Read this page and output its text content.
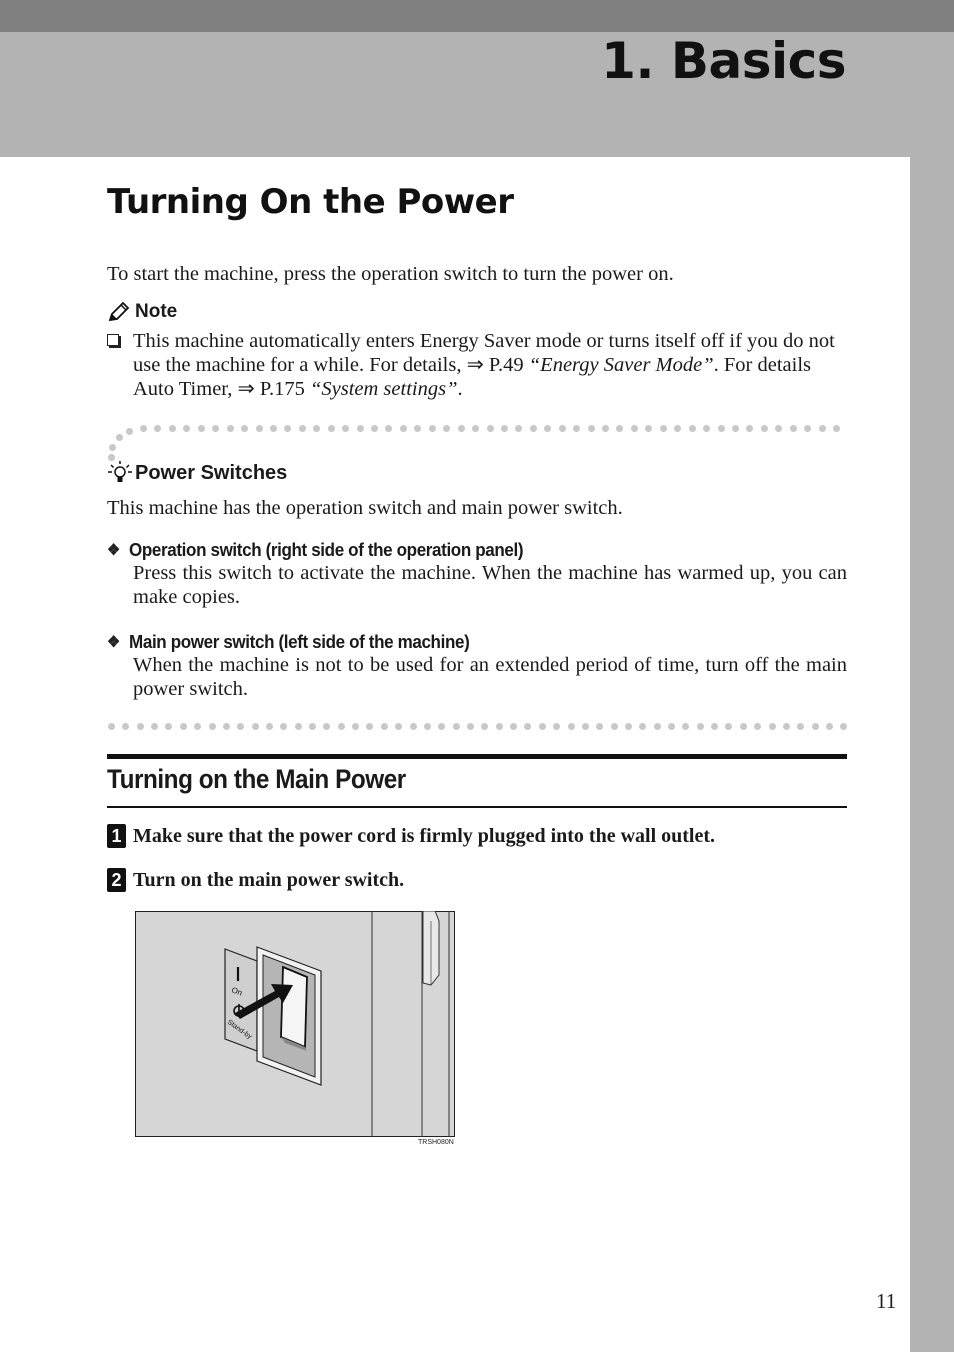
1. Basics
Turning On the Power
To start the machine, press the operation switch to turn the power on.
Note
This machine automatically enters Energy Saver mode or turns itself off if you do not use the machine for a while. For details, ⇒ P.49 “Energy Saver Mode”. For details Auto Timer, ⇒ P.175 “System settings”.
Power Switches
This machine has the operation switch and main power switch.
❖ Operation switch (right side of the operation panel)
Press this switch to activate the machine. When the machine has warmed up, you can make copies.
❖ Main power switch (left side of the machine)
When the machine is not to be used for an extended period of time, turn off the main power switch.
Turning on the Main Power
1 Make sure that the power cord is firmly plugged into the wall outlet.
2 Turn on the main power switch.
On
Stand-by
TRSH080N
11
